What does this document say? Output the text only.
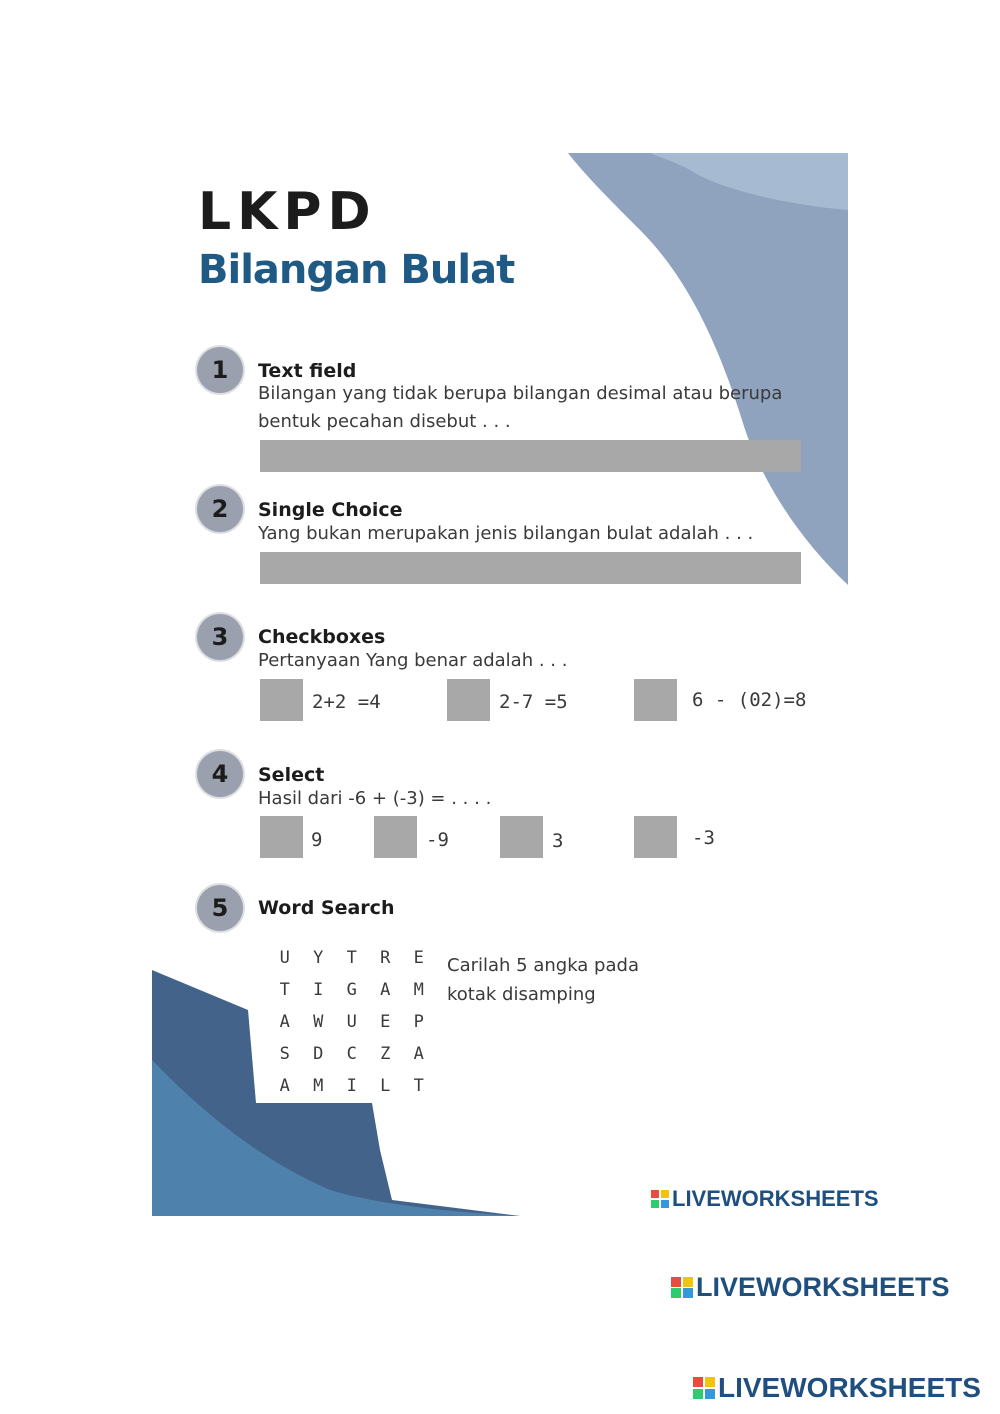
LKPD
Bilangan Bulat
1	Text field

Bilangan yang tidak berupa bilangan desimal atau berupa

bentuk pecahan disebut . . .

2	Single Choice

Yang bukan merupakan jenis bilangan bulat adalah . . .

3	Checkboxes

Pertanyaan Yang benar adalah . . .

2+2 =4	2-7 =5	6 - (02)=8
4	Select

Hasil dari -6 + (-3) = . . . .

9	-9	3	-3
5	Word Search

U	Y	T	R	E
T	I	G	A	M
A	W	U	E	P
S	D	C	Z	A
A	M	I	L	T

Carilah 5 angka pada

kotak disamping

LIVEWORKSHEETS
LIVEWORKSHEETS
LIVEWORKSHEETS
